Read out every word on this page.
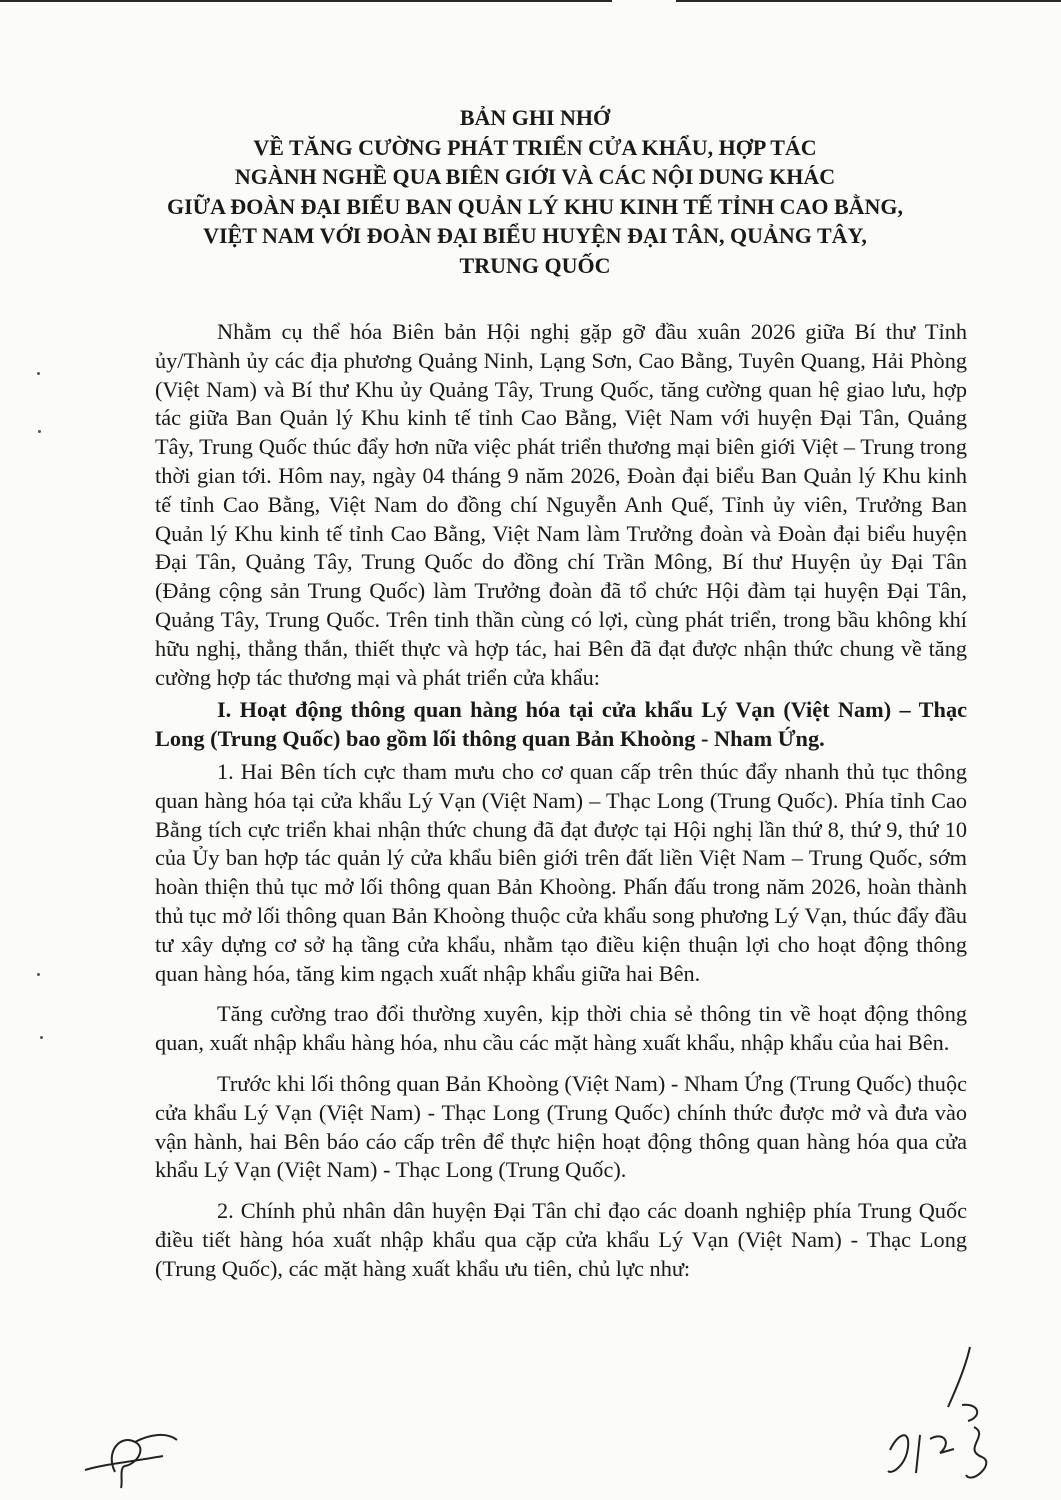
BẢN GHI NHỚ
VỀ TĂNG CƯỜNG PHÁT TRIỂN CỬA KHẨU, HỢP TÁC
NGÀNH NGHỀ QUA BIÊN GIỚI VÀ CÁC NỘI DUNG KHÁC
GIỮA ĐOÀN ĐẠI BIỂU BAN QUẢN LÝ KHU KINH TẾ TỈNH CAO BẰNG,
VIỆT NAM VỚI ĐOÀN ĐẠI BIỂU HUYỆN ĐẠI TÂN, QUẢNG TÂY,
TRUNG QUỐC

Nhằm cụ thể hóa Biên bản Hội nghị gặp gỡ đầu xuân 2026 giữa Bí thư Tỉnh ủy/Thành ủy các địa phương Quảng Ninh, Lạng Sơn, Cao Bằng, Tuyên Quang, Hải Phòng (Việt Nam) và Bí thư Khu ủy Quảng Tây, Trung Quốc, tăng cường quan hệ giao lưu, hợp tác giữa Ban Quản lý Khu kinh tế tỉnh Cao Bằng, Việt Nam với huyện Đại Tân, Quảng Tây, Trung Quốc thúc đẩy hơn nữa việc phát triển thương mại biên giới Việt – Trung trong thời gian tới. Hôm nay, ngày 04 tháng 9 năm 2026, Đoàn đại biểu Ban Quản lý Khu kinh tế tỉnh Cao Bằng, Việt Nam do đồng chí Nguyễn Anh Quế, Tỉnh ủy viên, Trưởng Ban Quản lý Khu kinh tế tỉnh Cao Bằng, Việt Nam làm Trưởng đoàn và Đoàn đại biểu huyện Đại Tân, Quảng Tây, Trung Quốc do đồng chí Trần Mông, Bí thư Huyện ủy Đại Tân (Đảng cộng sản Trung Quốc) làm Trưởng đoàn đã tổ chức Hội đàm tại huyện Đại Tân, Quảng Tây, Trung Quốc. Trên tinh thần cùng có lợi, cùng phát triển, trong bầu không khí hữu nghị, thẳng thắn, thiết thực và hợp tác, hai Bên đã đạt được nhận thức chung về tăng cường hợp tác thương mại và phát triển cửa khẩu:

I. Hoạt động thông quan hàng hóa tại cửa khẩu Lý Vạn (Việt Nam) – Thạc Long (Trung Quốc) bao gồm lối thông quan Bản Khoòng - Nham Ứng.

1. Hai Bên tích cực tham mưu cho cơ quan cấp trên thúc đẩy nhanh thủ tục thông quan hàng hóa tại cửa khẩu Lý Vạn (Việt Nam) – Thạc Long (Trung Quốc). Phía tỉnh Cao Bằng tích cực triển khai nhận thức chung đã đạt được tại Hội nghị lần thứ 8, thứ 9, thứ 10 của Ủy ban hợp tác quản lý cửa khẩu biên giới trên đất liền Việt Nam – Trung Quốc, sớm hoàn thiện thủ tục mở lối thông quan Bản Khoòng. Phấn đấu trong năm 2026, hoàn thành thủ tục mở lối thông quan Bản Khoòng thuộc cửa khẩu song phương Lý Vạn, thúc đẩy đầu tư xây dựng cơ sở hạ tầng cửa khẩu, nhằm tạo điều kiện thuận lợi cho hoạt động thông quan hàng hóa, tăng kim ngạch xuất nhập khẩu giữa hai Bên.

Tăng cường trao đổi thường xuyên, kịp thời chia sẻ thông tin về hoạt động thông quan, xuất nhập khẩu hàng hóa, nhu cầu các mặt hàng xuất khẩu, nhập khẩu của hai Bên.

Trước khi lối thông quan Bản Khoòng (Việt Nam) - Nham Ứng (Trung Quốc) thuộc cửa khẩu Lý Vạn (Việt Nam) - Thạc Long (Trung Quốc) chính thức được mở và đưa vào vận hành, hai Bên báo cáo cấp trên để thực hiện hoạt động thông quan hàng hóa qua cửa khẩu Lý Vạn (Việt Nam) - Thạc Long (Trung Quốc).

2. Chính phủ nhân dân huyện Đại Tân chỉ đạo các doanh nghiệp phía Trung Quốc điều tiết hàng hóa xuất nhập khẩu qua cặp cửa khẩu Lý Vạn (Việt Nam) - Thạc Long (Trung Quốc), các mặt hàng xuất khẩu ưu tiên, chủ lực như:
